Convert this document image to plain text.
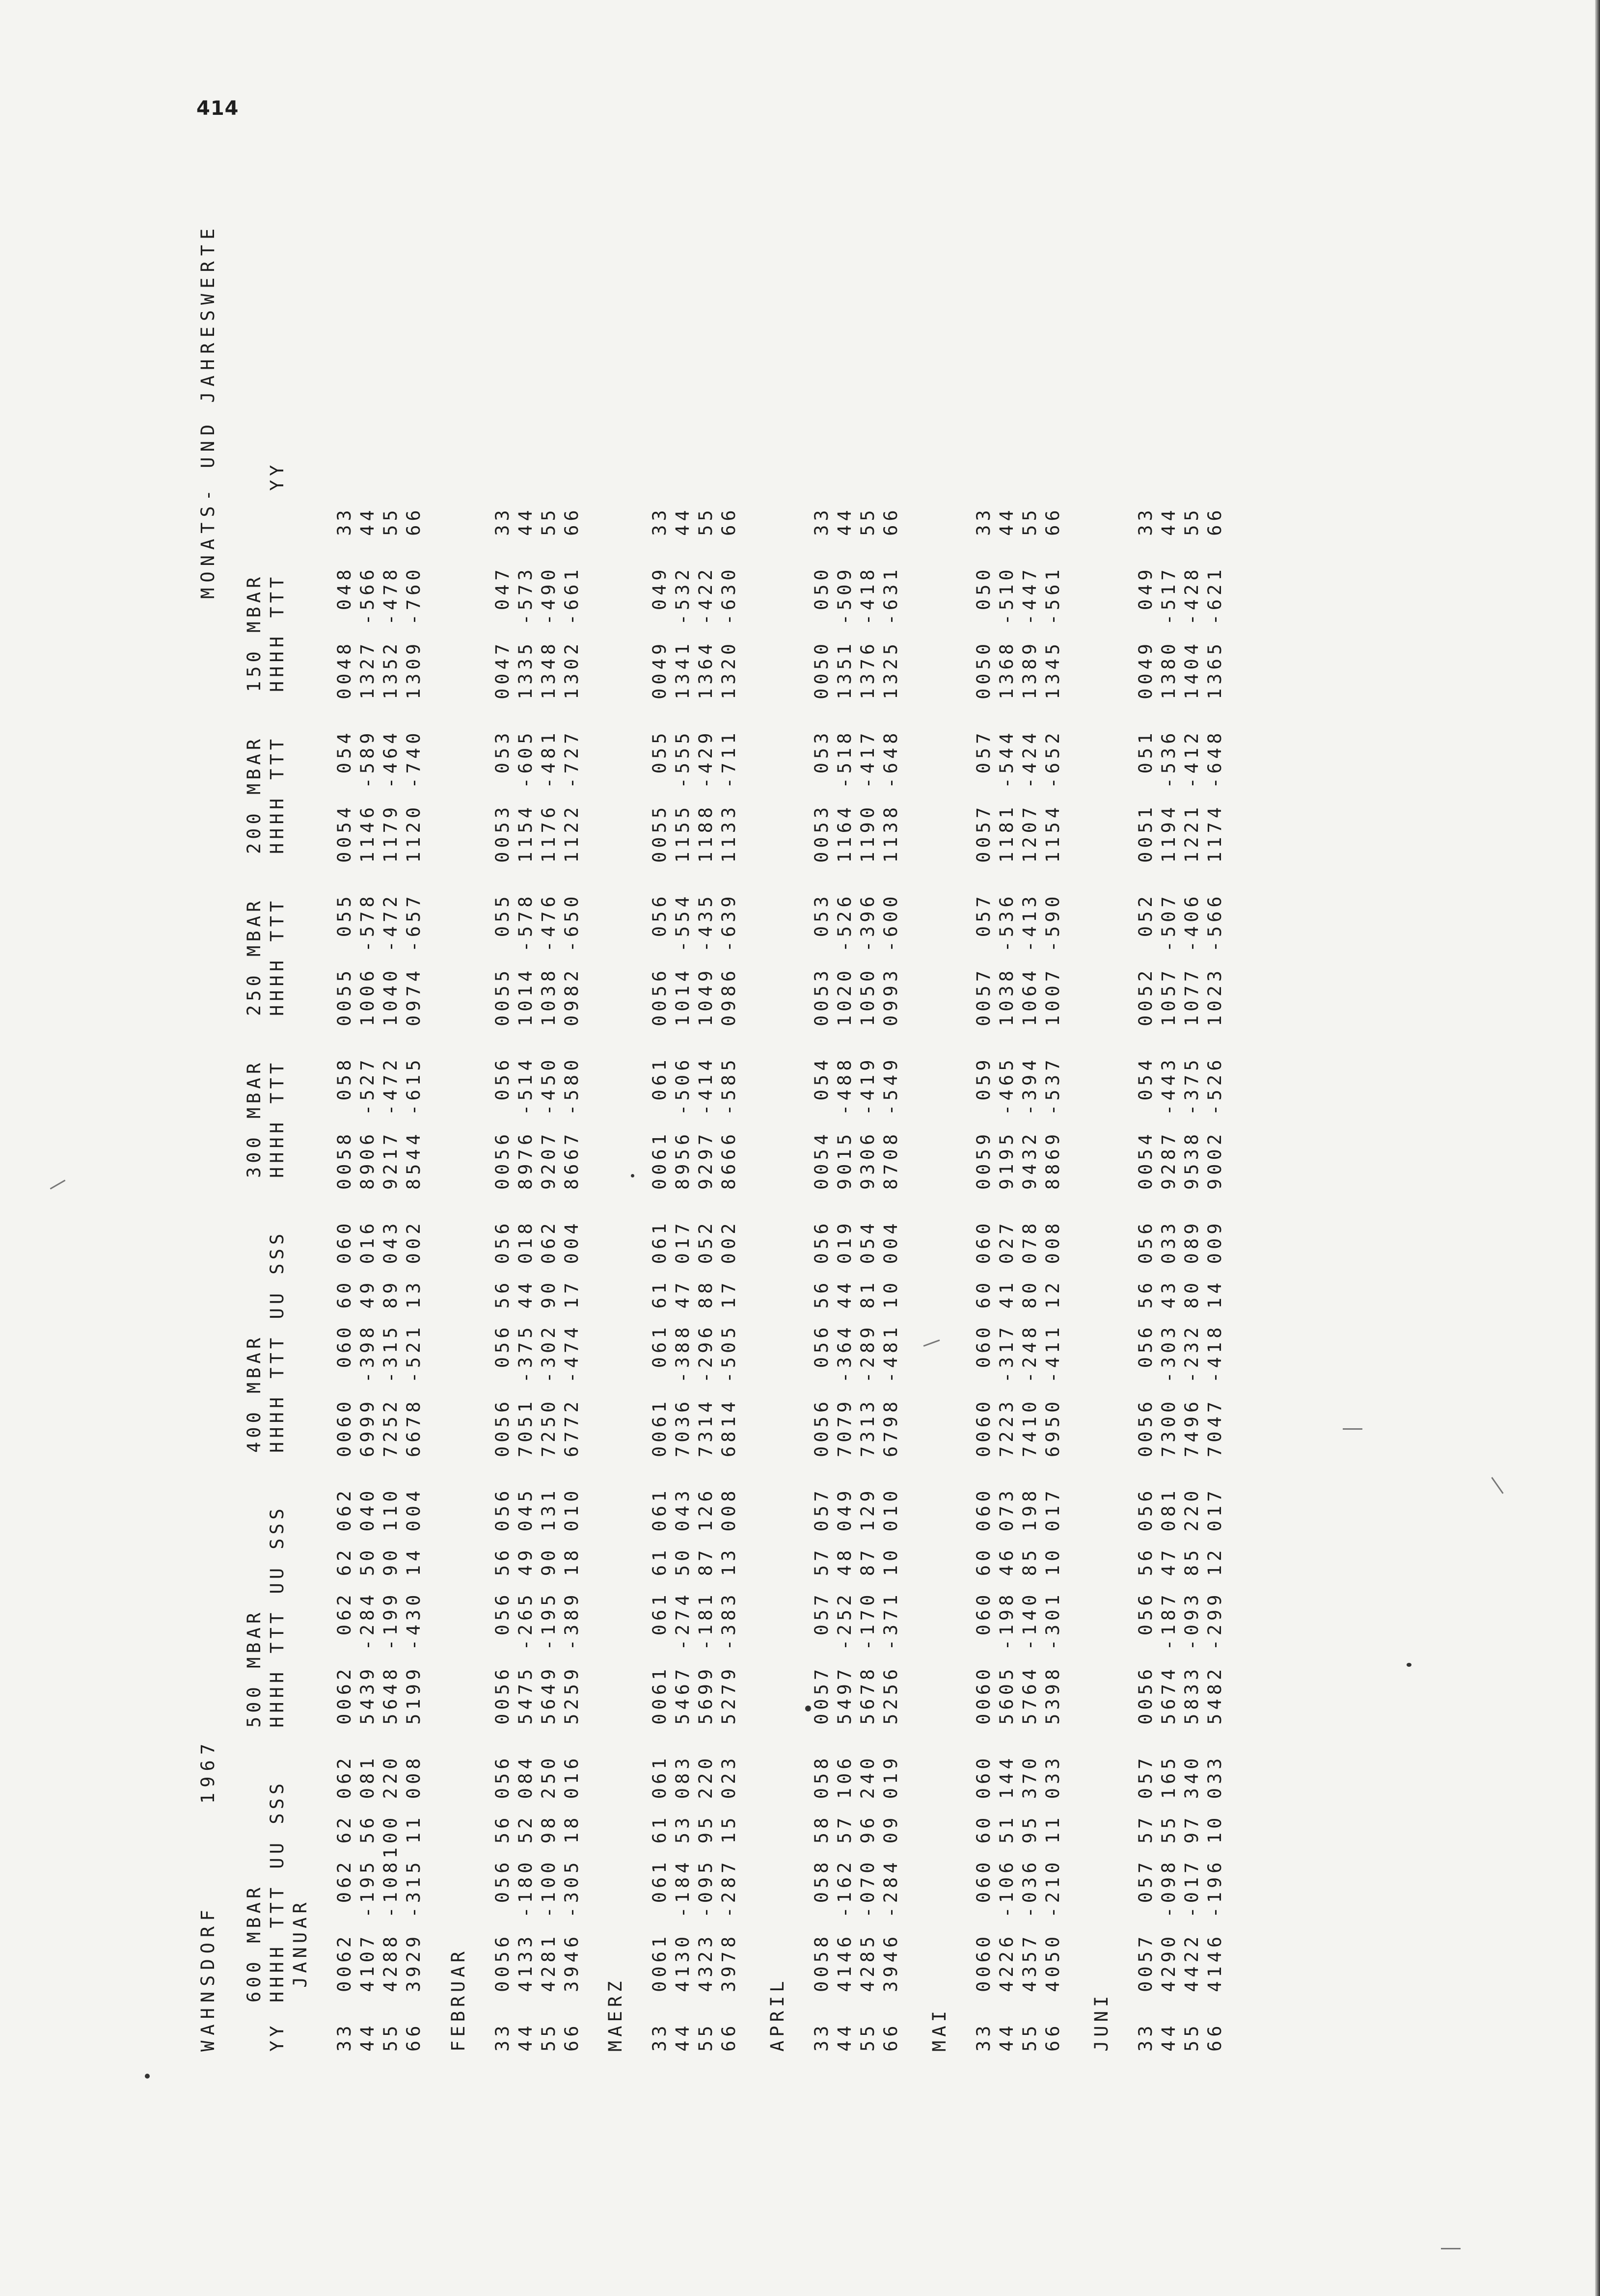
414
WAHNSDORF
1967
MONATS- UND JAHRESWERTE
600 MBAR
500 MBAR
400 MBAR
300 MBAR
250 MBAR
200 MBAR
150 MBAR
YY
HHHH TTT UU SSS
HHHH TTT UU SSS
HHHH TTT UU SSS
HHHH TTT
HHHH TTT
HHHH TTT
HHHH TTT
YY
JANUAR 33  0062  062 62 062  0062  062 62 062  0060  060 60 060  0058  058  0055  055  0054  054  0048  048  33 44  4107 -195 56 081  5439 -284 50 040  6999 -398 49 016  8906 -527  1006 -578  1146 -589  1327 -566  44 55  4288 -108100 220  5648 -199 90 110  7252 -315 89 043  9217 -472  1040 -472  1179 -464  1352 -478  55 66  3929 -315 11 008  5199 -430 14 004  6678 -521 13 002  8544 -615  0974 -657  1120 -740  1309 -760  66 FEBRUAR 33  0056  056 56 056  0056  056 56 056  0056  056 56 056  0056  056  0055  055  0053  053  0047  047  33 44  4133 -180 52 084  5475 -265 49 045  7051 -375 44 018  8976 -514  1014 -578  1154 -605  1335 -573  44 55  4281 -100 98 250  5649 -195 90 131  7250 -302 90 062  9207 -450  1038 -476  1176 -481  1348 -490  55 66  3946 -305 18 016  5259 -389 18 010  6772 -474 17 004  8667 -580  0982 -650  1122 -727  1302 -661  66 MAERZ 33  0061  061 61 061  0061  061 61 061  0061  061 61 061  0061  061  0056  056  0055  055  0049  049  33 44  4130 -184 53 083  5467 -274 50 043  7036 -388 47 017  8956 -506  1014 -554  1155 -555  1341 -532  44 55  4323 -095 95 220  5699 -181 87 126  7314 -296 88 052  9297 -414  1049 -435  1188 -429  1364 -422  55 66  3978 -287 15 023  5279 -383 13 008  6814 -505 17 002  8666 -585  0986 -639  1133 -711  1320 -630  66 APRIL 33  0058  058 58 058  0057  057 57 057  0056  056 56 056  0054  054  0053  053  0053  053  0050  050  33 44  4146 -162 57 106  5497 -252 48 049  7079 -364 44 019  9015 -488  1020 -526  1164 -518  1351 -509  44 55  4285 -070 96 240  5678 -170 87 129  7313 -289 81 054  9306 -419  1050 -396  1190 -417  1376 -418  55 66  3946 -284 09 019  5256 -371 10 010  6798 -481 10 004  8708 -549  0993 -600  1138 -648  1325 -631  66 MAI 33  0060  060 60 060  0060  060 60 060  0060  060 60 060  0059  059  0057  057  0057  057  0050  050  33 44  4226 -106 51 144  5605 -198 46 073  7223 -317 41 027  9195 -465  1038 -536  1181 -544  1368 -510  44 55  4357 -036 95 370  5764 -140 85 198  7410 -248 80 078  9432 -394  1064 -413  1207 -424  1389 -447  55 66  4050 -210 11 033  5398 -301 10 017  6950 -411 12 008  8869 -537  1007 -590  1154 -652  1345 -561  66 JUNI 33  0057  057 57 057  0056  056 56 056  0056  056 56 056  0054  054  0052  052  0051  051  0049  049  33 44  4290 -098 55 165  5674 -187 47 081  7300 -303 43 033  9287 -443  1057 -507  1194 -536  1380 -517  44 55  4422 -017 97 340  5833 -093 85 220  7496 -232 80 089  9538 -375  1077 -406  1221 -412  1404 -428  55 66  4146 -196 10 033  5482 -299 12 017  7047 -418 14 009  9002 -526  1023 -566  1174 -648  1365 -621  66
